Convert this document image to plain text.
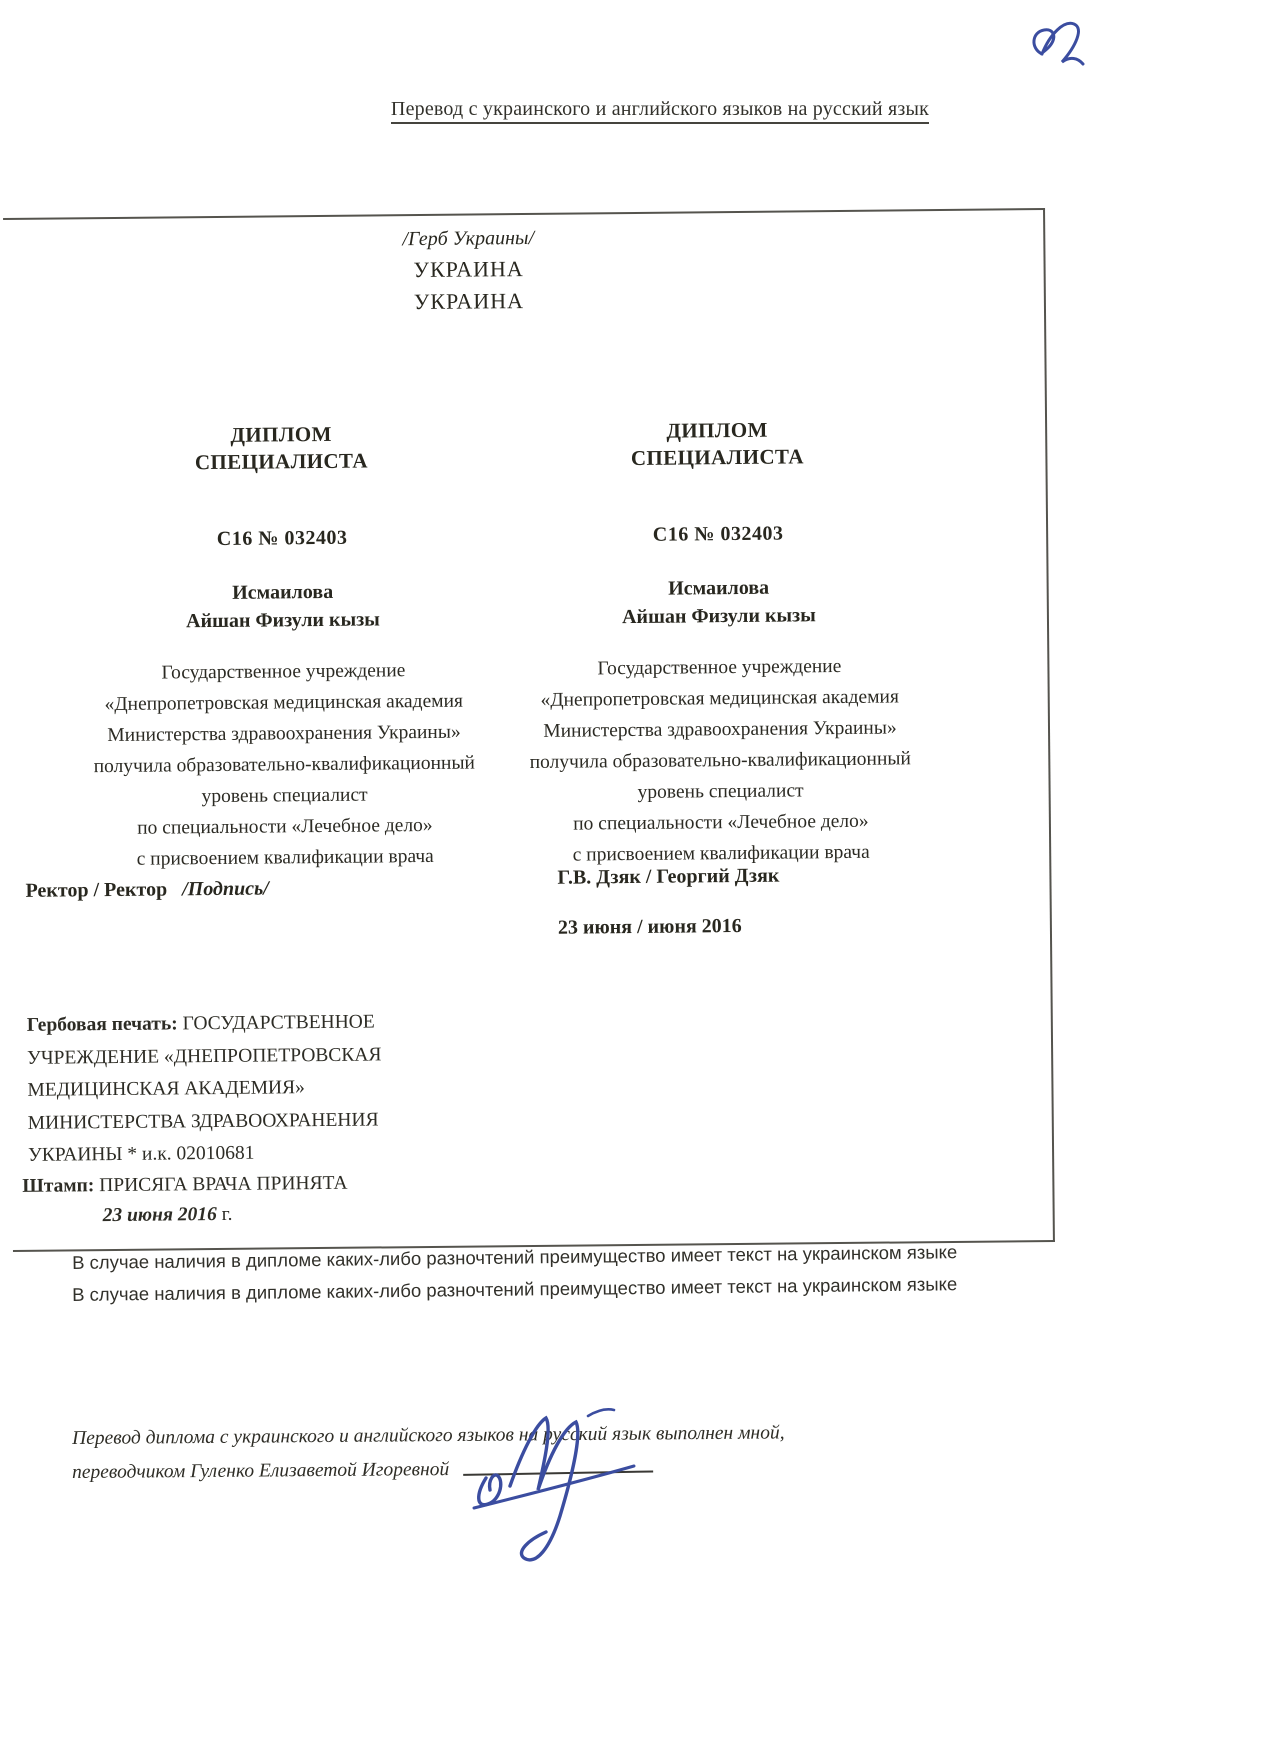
Перевод с украинского и английского языков на русский язык
/Герб Украины/
УКРАИНА
УКРАИНА
ДИПЛОМ
СПЕЦИАЛИСТА
С16 № 032403
Исмаилова
Айшан Физули кызы
Государственное учреждение
«Днепропетровская медицинская академия
Министерства здравоохранения Украины»
получила образовательно-квалификационный
уровень специалист
по специальности «Лечебное дело»
с присвоением квалификации врача
ДИПЛОМ
СПЕЦИАЛИСТА
С16 № 032403
Исмаилова
Айшан Физули кызы
Государственное учреждение
«Днепропетровская медицинская академия
Министерства здравоохранения Украины»
получила образовательно-квалификационный
уровень специалист
по специальности «Лечебное дело»
с присвоением квалификации врача
Ректор / Ректор /Подпись/
Г.В. Дзяк / Георгий Дзяк
23 июня / июня 2016
Гербовая печать: ГОСУДАРСТВЕННОЕ
УЧРЕЖДЕНИЕ «ДНЕПРОПЕТРОВСКАЯ
МЕДИЦИНСКАЯ АКАДЕМИЯ»
МИНИСТЕРСТВА ЗДРАВООХРАНЕНИЯ
УКРАИНЫ * и.к. 02010681
Штамп: ПРИСЯГА ВРАЧА ПРИНЯТА
23 июня 2016 г.
В случае наличия в дипломе каких-либо разночтений преимущество имеет текст на украинском языке
В случае наличия в дипломе каких-либо разночтений преимущество имеет текст на украинском языке
Перевод диплома с украинского и английского языков на русский язык выполнен мной,
переводчиком Гуленко Елизаветой Игоревной
